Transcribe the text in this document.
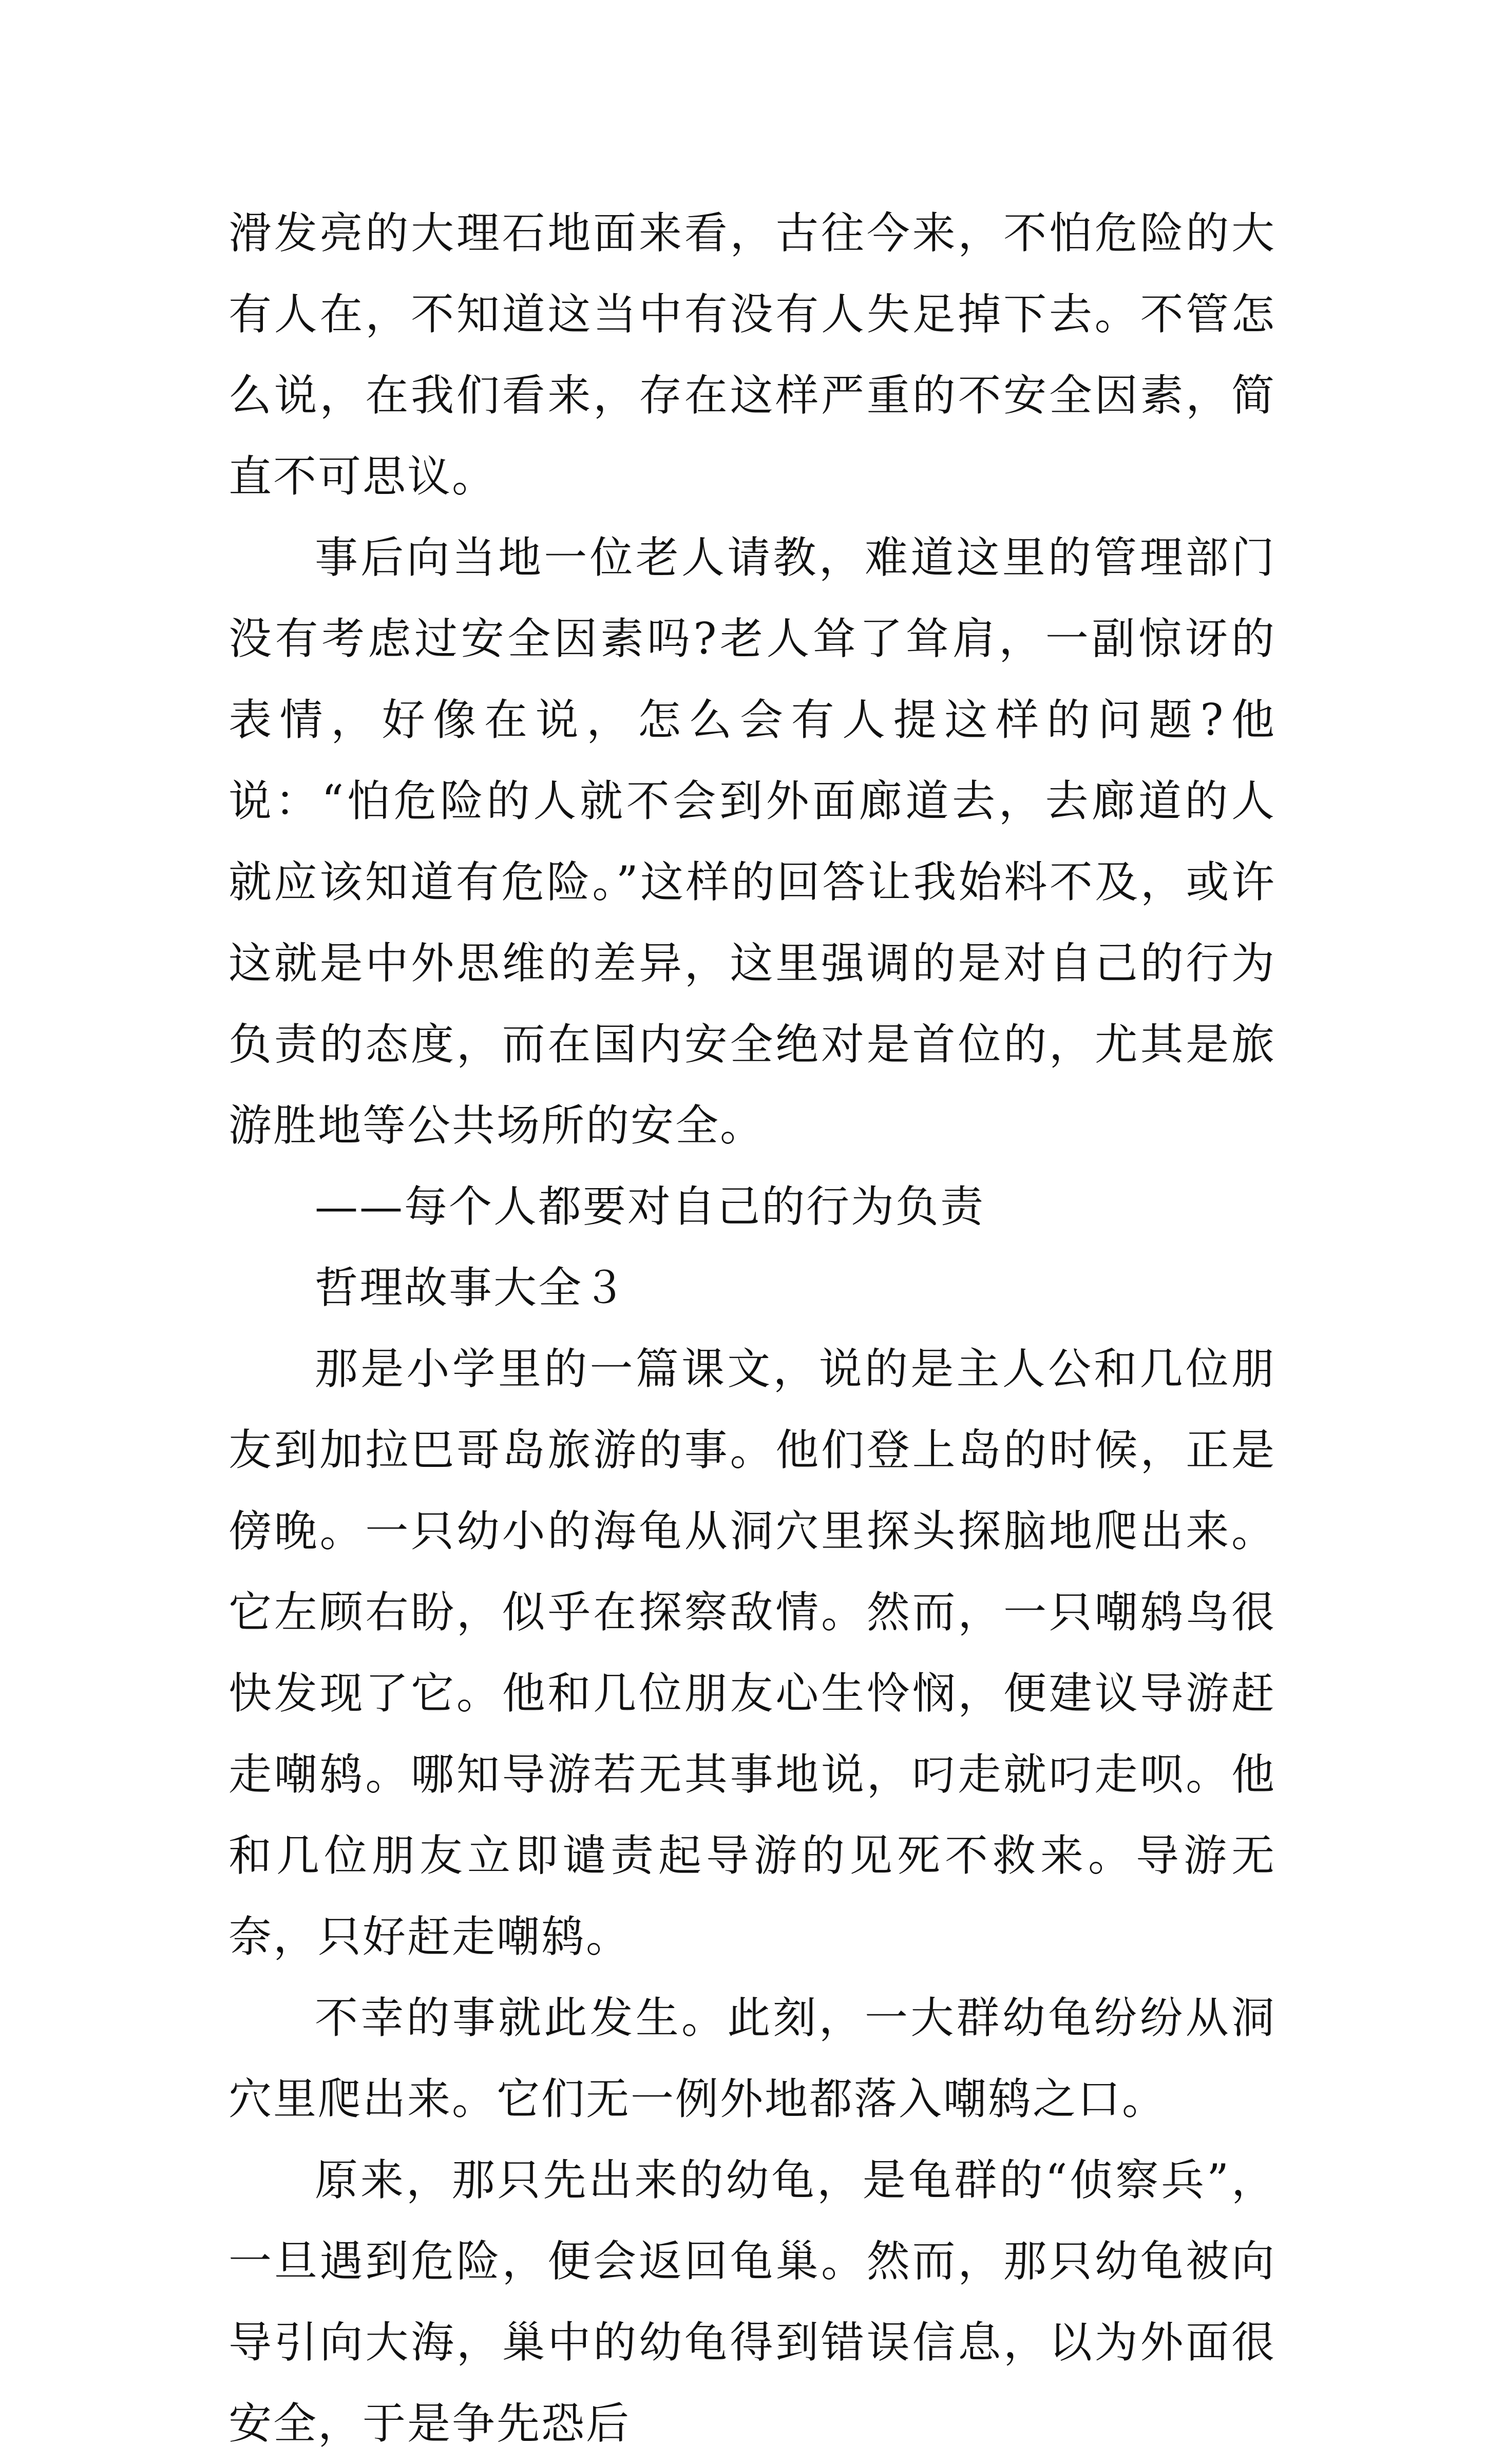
滑发亮的大理石地面来看，古往今来，不怕危险的大有人在，不知道这当中有没有人失足掉下去。不管怎么说，在我们看来，存在这样严重的不安全因素，简直不可思议。

事后向当地一位老人请教，难道这里的管理部门没有考虑过安全因素吗?老人耸了耸肩，一副惊讶的表情，好像在说，怎么会有人提这样的问题?他说：“怕危险的人就不会到外面廊道去，去廊道的人就应该知道有危险。”这样的回答让我始料不及，或许这就是中外思维的差异，这里强调的是对自己的行为负责的态度，而在国内安全绝对是首位的，尤其是旅游胜地等公共场所的安全。

——每个人都要对自己的行为负责

哲理故事大全３

那是小学里的一篇课文，说的是主人公和几位朋友到加拉巴哥岛旅游的事。他们登上岛的时候，正是傍晚。一只幼小的海龟从洞穴里探头探脑地爬出来。它左顾右盼，似乎在探察敌情。然而，一只嘲鸫鸟很快发现了它。他和几位朋友心生怜悯，便建议导游赶走嘲鸫。哪知导游若无其事地说，叼走就叼走呗。他和几位朋友立即谴责起导游的见死不救来。导游无奈，只好赶走嘲鸫。

不幸的事就此发生。此刻，一大群幼龟纷纷从洞穴里爬出来。它们无一例外地都落入嘲鸫之口。

原来，那只先出来的幼龟，是龟群的“侦察兵”，一旦遇到危险，便会返回龟巢。然而，那只幼龟被向导引向大海，巢中的幼龟得到错误信息，以为外面很安全，于是争先恐后
